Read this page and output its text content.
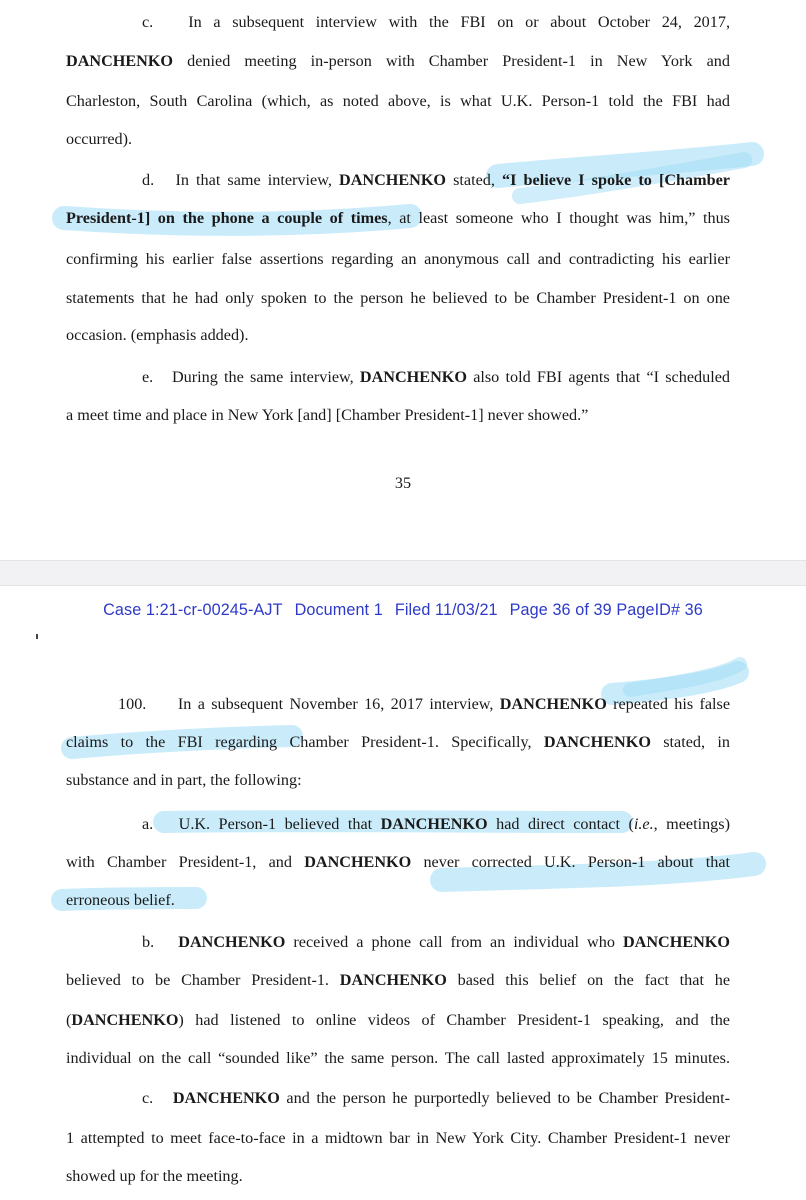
c. In a subsequent interview with the FBI on or about October 24, 2017,

DANCHENKO denied meeting in-person with Chamber President-1 in New York and

Charleston, South Carolina (which, as noted above, is what U.K. Person-1 told the FBI had

occurred).

d. In that same interview, DANCHENKO stated, “I believe I spoke to [Chamber

President-1] on the phone a couple of times, at least someone who I thought was him,” thus

confirming his earlier false assertions regarding an anonymous call and contradicting his earlier

statements that he had only spoken to the person he believed to be Chamber President-1 on one

occasion. (emphasis added).

e. During the same interview, DANCHENKO also told FBI agents that “I scheduled

a meet time and place in New York [and] [Chamber President-1] never showed.”

35
Case 1:21-cr-00245-AJT Document 1 Filed 11/03/21 Page 36 of 39 PageID# 36

100. In a subsequent November 16, 2017 interview, DANCHENKO repeated his false

claims to the FBI regarding Chamber President-1. Specifically, DANCHENKO stated, in

substance and in part, the following:

a. U.K. Person-1 believed that DANCHENKO had direct contact (i.e., meetings)

with Chamber President-1, and DANCHENKO never corrected U.K. Person-1 about that

erroneous belief.

b. DANCHENKO received a phone call from an individual who DANCHENKO

believed to be Chamber President-1. DANCHENKO based this belief on the fact that he

(DANCHENKO) had listened to online videos of Chamber President-1 speaking, and the

individual on the call “sounded like” the same person. The call lasted approximately 15 minutes.

c. DANCHENKO and the person he purportedly believed to be Chamber President-

1 attempted to meet face-to-face in a midtown bar in New York City. Chamber President-1 never

showed up for the meeting.
